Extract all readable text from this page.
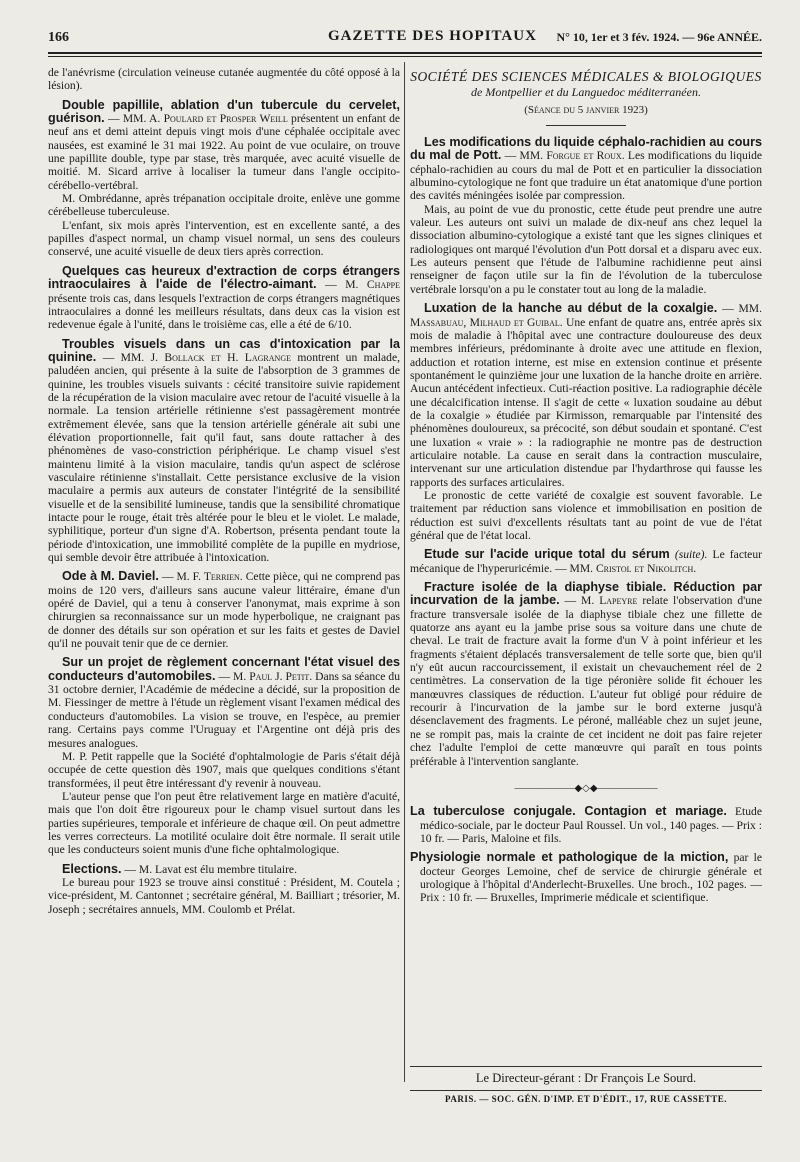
166	GAZETTE DES HOPITAUX N° 10, 1er et 3 fév. 1924. — 96e ANNÉE.

de l'anévrisme (circulation veineuse cutanée augmentée du côté opposé à la lésion).

Double papillile, ablation d'un tubercule du cervelet, guérison. — MM. A. Poulard et Prosper Weill présentent un enfant de neuf ans et demi atteint depuis vingt mois d'une céphalée occipitale avec nausées, est examiné le 31 mai 1922. Au point de vue oculaire, on trouve une papillite double, type par stase, très marquée, avec acuité visuelle de moitié. M. Sicard arrive à localiser la tumeur dans l'angle occipito-cérébello-vertébral.

M. Ombrédanne, après trépanation occipitale droite, enlève une gomme cérébelleuse tuberculeuse.

L'enfant, six mois après l'intervention, est en excellente santé, a des papilles d'aspect normal, un champ visuel normal, un sens des couleurs conservé, une acuité visuelle de deux tiers après correction.

Quelques cas heureux d'extraction de corps étrangers intraoculaires à l'aide de l'électro-aimant. — M. Chappe présente trois cas, dans lesquels l'extraction de corps étrangers magnétiques intraoculaires a donné les meilleurs résultats, dans deux cas la vision est redevenue égale à l'unité, dans le troisième cas, elle a été de 6/10.

Troubles visuels dans un cas d'intoxication par la quinine. — MM. J. Bollack et H. Lagrange montrent un malade, paludéen ancien, qui présente à la suite de l'absorption de 3 grammes de quinine, les troubles visuels suivants : cécité transitoire suivie rapidement de la récupération de la vision maculaire avec retour de l'acuité visuelle à la normale. La tension artérielle rétinienne s'est passagèrement montrée extrêmement élevée, sans que la tension artérielle générale ait subi une élévation proportionnelle, fait qu'il faut, sans doute rattacher à des phénomènes de vaso-constriction périphérique. Le champ visuel s'est maintenu limité à la vision maculaire, tandis qu'un aspect de sclérose vasculaire rétinienne s'installait. Cette persistance exclusive de la vision maculaire a permis aux auteurs de constater l'intégrité de la sensibilité visuelle et de la sensibilité lumineuse, tandis que la sensibilité chromatique intacte pour le rouge, était très altérée pour le bleu et le violet. Le malade, syphilitique, porteur d'un signe d'A. Robertson, présenta pendant toute la période d'intoxication, une immobilité complète de la pupille en mydriose, qui semble devoir être attribuée à l'intoxication.

Ode à M. Daviel. — M. F. Terrien. Cette pièce, qui ne comprend pas moins de 120 vers, d'ailleurs sans aucune valeur littéraire, émane d'un opéré de Daviel, qui a tenu à conserver l'anonymat, mais exprime à son chirurgien sa reconnaissance sur un mode hyperbolique, ne craignant pas de donner des détails sur son opération et sur les faits et gestes de Daviel qu'il ne pouvait tenir que de ce dernier.

Sur un projet de règlement concernant l'état visuel des conducteurs d'automobiles. — M. Paul J. Petit. Dans sa séance du 31 octobre dernier, l'Académie de médecine a décidé, sur la proposition de M. Fiessinger de mettre à l'étude un règlement visant l'examen médical des conducteurs d'automobiles. La vision se trouve, en l'espèce, au premier rang. Certains pays comme l'Uruguay et l'Argentine ont déjà pris des mesures analogues.

M. P. Petit rappelle que la Société d'ophtalmologie de Paris s'était déjà occupée de cette question dès 1907, mais que quelques conditions s'étant transformées, il peut être intéressant d'y revenir à nouveau.

L'auteur pense que l'on peut être relativement large en matière d'acuité, mais que l'on doit être rigoureux pour le champ visuel surtout dans les parties supérieures, temporale et inférieure de chaque œil. On peut admettre les verres correcteurs. La motilité oculaire doit être normale. Il serait utile que les conducteurs soient munis d'une fiche ophtalmologique.

Elections. — M. Lavat est élu membre titulaire.

Le bureau pour 1923 se trouve ainsi constitué : Président, M. Coutela ; vice-président, M. Cantonnet ; secrétaire général, M. Bailliart ; trésorier, M. Joseph ; secrétaires annuels, MM. Coulomb et Prélat.

SOCIÉTÉ DES SCIENCES MÉDICALES & BIOLOGIQUES
de Montpellier et du Languedoc méditerranéen.
(Séance du 5 janvier 1923)

Les modifications du liquide céphalo-rachidien au cours du mal de Pott. — MM. Forgue et Roux. Les modifications du liquide céphalo-rachidien au cours du mal de Pott et en particulier la dissociation albumino-cytologique ne font que traduire un état anatomique d'une portion des cavités méningées isolée par compression.

Mais, au point de vue du pronostic, cette étude peut prendre une autre valeur. Les auteurs ont suivi un malade de dix-neuf ans chez lequel la dissociation albumino-cytologique a existé tant que les signes cliniques et radiologiques ont marqué l'évolution d'un Pott dorsal et a disparu avec eux. Les auteurs pensent que l'étude de l'albumine rachidienne peut ainsi renseigner de façon utile sur la fin de l'évolution de la tuberculose vertébrale lorsqu'on a pu le constater tout au long de la maladie.

Luxation de la hanche au début de la coxalgie. — MM. Massabuau, Milhaud et Guibal. Une enfant de quatre ans, entrée après six mois de maladie à l'hôpital avec une contracture douloureuse des deux membres inférieurs, prédominante à droite avec une attitude en flexion, adduction et rotation interne, est mise en extension continue et présente spontanément le quinzième jour une luxation de la hanche droite en arrière. Aucun antécédent infectieux. Cuti-réaction positive. La radiographie décèle une décalcification intense. Il s'agit de cette « luxation soudaine au début de la coxalgie » étudiée par Kirmisson, remarquable par l'intensité des phénomènes douloureux, sa précocité, son début soudain et spontané. C'est une luxation « vraie » : la radiographie ne montre pas de destruction articulaire notable. La cause en serait dans la contraction musculaire, intervenant sur une articulation distendue par l'hydarthrose qui fausse les rapports des surfaces articulaires.

Le pronostic de cette variété de coxalgie est souvent favorable. Le traitement par réduction sans violence et immobilisation en position de réduction est suivi d'excellents résultats tant au point de vue de l'état général que de l'état local.

Etude sur l'acide urique total du sérum (suite). Le facteur mécanique de l'hyperuricémie. — MM. Cristol et Nikolitch.

Fracture isolée de la diaphyse tibiale. Réduction par incurvation de la jambe. — M. Lapeyre relate l'observation d'une fracture transversale isolée de la diaphyse tibiale chez une fillette de quatorze ans ayant eu la jambe prise sous sa voiture dans une chute de cheval. Le trait de fracture avait la forme d'un V à point inférieur et les fragments s'étaient déplacés transversalement de telle sorte que, bien qu'il n'y eût aucun raccourcissement, il existait un chevauchement réel de 2 centimètres. La conservation de la tige péronière solide fit échouer les manœuvres classiques de réduction. L'auteur fut obligé pour réduire de recourir à l'incurvation de la jambe sur le bord externe jusqu'à désenclavement des fragments. Le péroné, malléable chez un sujet jeune, ne se rompit pas, mais la crainte de cet incident ne doit pas faire rejeter chez l'adulte l'emploi de cette manœuvre qui paraît en tous points préférable à l'intervention sanglante.

——————◆◇◆——————
La tuberculose conjugale. Contagion et mariage. Etude médico-sociale, par le docteur Paul Roussel. Un vol., 140 pages. — Prix : 10 fr. — Paris, Maloine et fils.
Physiologie normale et pathologique de la miction, par le docteur Georges Lemoine, chef de service de chirurgie générale et urologique à l'hôpital d'Anderlecht-Bruxelles. Une broch., 102 pages. — Prix : 10 fr. — Bruxelles, Imprimerie médicale et scientifique.
Le Directeur-gérant : Dr François Le Sourd.
PARIS. — SOC. GÉN. D'IMP. ET D'ÉDIT., 17, RUE CASSETTE.
